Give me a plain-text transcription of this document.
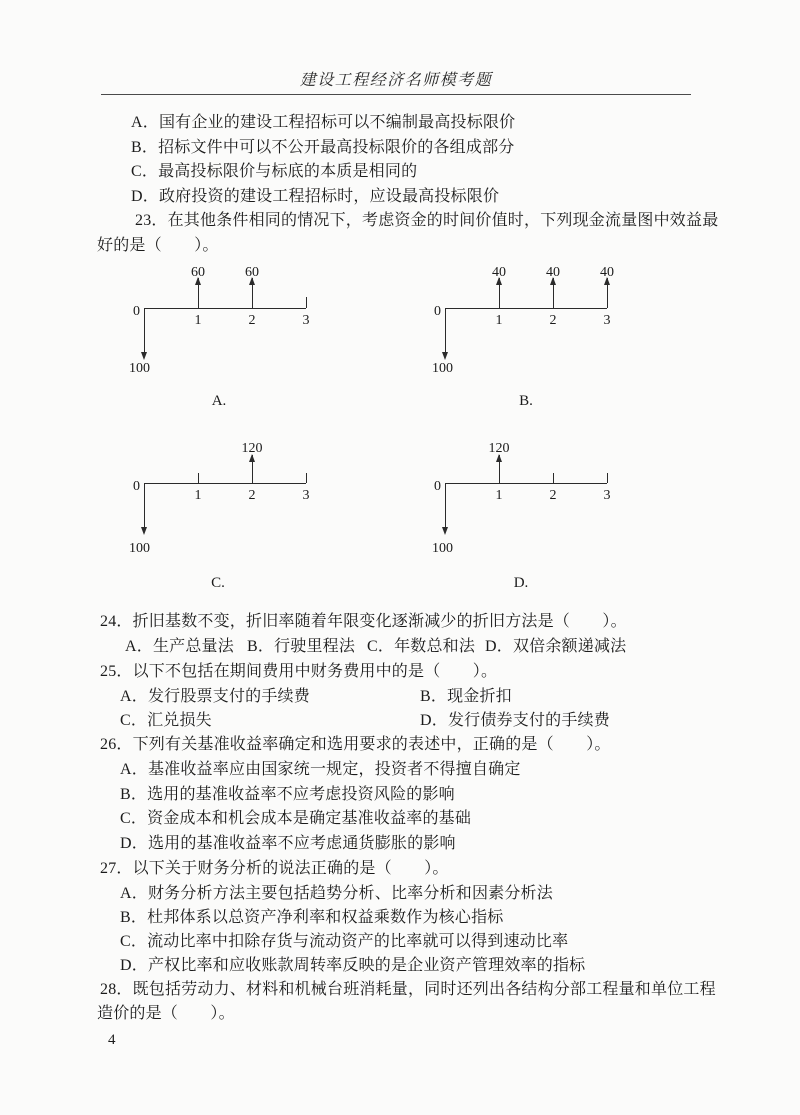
建设工程经济名师模考题
A．国有企业的建设工程招标可以不编制最高投标限价
B．招标文件中可以不公开最高投标限价的各组成部分
C．最高投标限价与标底的本质是相同的
D．政府投资的建设工程招标时，应设最高投标限价
23．在其他条件相同的情况下，考虑资金的时间价值时，下列现金流量图中效益最
好的是（　　）。
0
60	60
1	2	3
100
A.
0
40	40	40
1	2	3
100
B.
0
120
1	2	3
100
C.
0
120
1	2	3
100
D.
24．折旧基数不变，折旧率随着年限变化逐渐减少的折旧方法是（　　）。
A．生产总量法 B．行驶里程法 C．年数总和法 D．双倍余额递减法
25．以下不包括在期间费用中财务费用中的是（　　）。
A．发行股票支付的手续费	B．现金折扣
C．汇兑损失	D．发行债券支付的手续费
26．下列有关基准收益率确定和选用要求的表述中，正确的是（　　）。
A．基准收益率应由国家统一规定，投资者不得擅自确定
B．选用的基准收益率不应考虑投资风险的影响
C．资金成本和机会成本是确定基准收益率的基础
D．选用的基准收益率不应考虑通货膨胀的影响
27．以下关于财务分析的说法正确的是（　　）。
A．财务分析方法主要包括趋势分析、比率分析和因素分析法
B．杜邦体系以总资产净利率和权益乘数作为核心指标
C．流动比率中扣除存货与流动资产的比率就可以得到速动比率
D．产权比率和应收账款周转率反映的是企业资产管理效率的指标
28．既包括劳动力、材料和机械台班消耗量，同时还列出各结构分部工程量和单位工程
造价的是（　　）。
4
